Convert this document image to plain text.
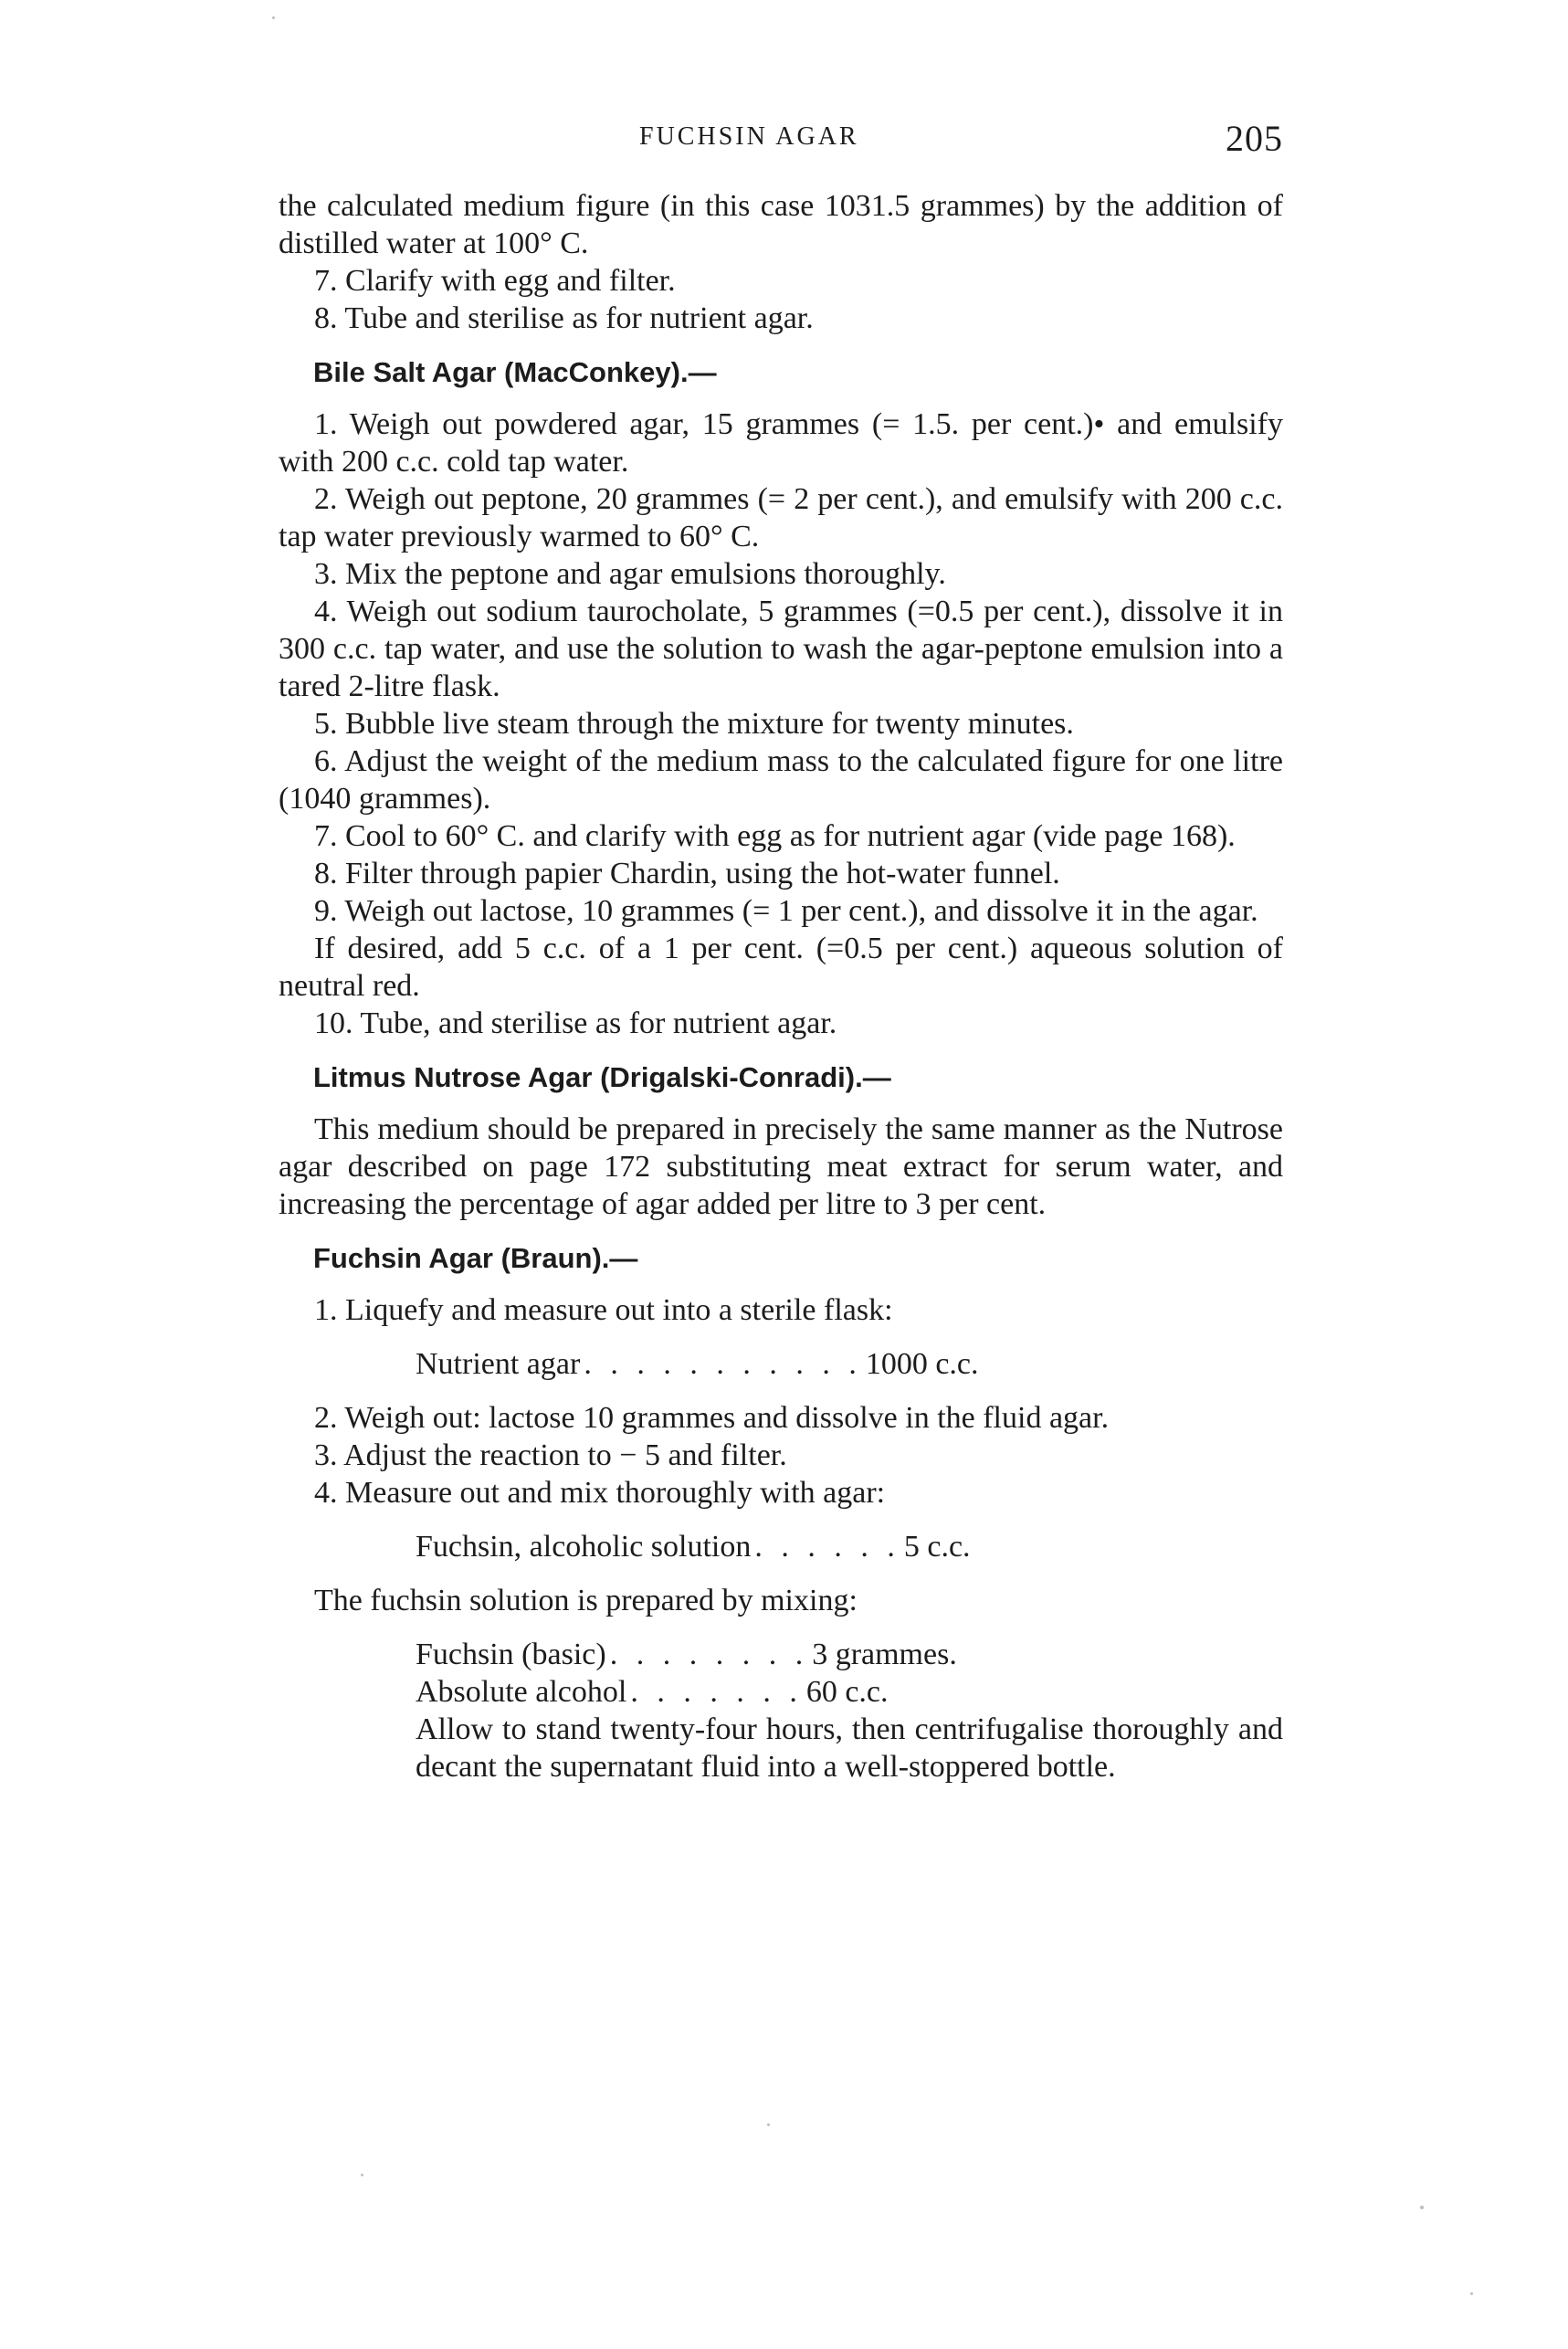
FUCHSIN AGAR	205

the calculated medium figure (in this case 1031.5 grammes) by the addition of distilled water at 100° C.

7. Clarify with egg and filter.

8. Tube and sterilise as for nutrient agar.

Bile Salt Agar (MacConkey).—

1. Weigh out powdered agar, 15 grammes (= 1.5. per cent.)• and emulsify with 200 c.c. cold tap water.

2. Weigh out peptone, 20 grammes (= 2 per cent.), and emulsify with 200 c.c. tap water previously warmed to 60° C.

3. Mix the peptone and agar emulsions thoroughly.

4. Weigh out sodium taurocholate, 5 grammes (=0.5 per cent.), dissolve it in 300 c.c. tap water, and use the solution to wash the agar-peptone emulsion into a tared 2-litre flask.

5. Bubble live steam through the mixture for twenty minutes.

6. Adjust the weight of the medium mass to the calculated figure for one litre (1040 grammes).

7. Cool to 60° C. and clarify with egg as for nutrient agar (vide page 168).

8. Filter through papier Chardin, using the hot-water funnel.

9. Weigh out lactose, 10 grammes (= 1 per cent.), and dissolve it in the agar.

If desired, add 5 c.c. of a 1 per cent. (=0.5 per cent.) aqueous solution of neutral red.

10. Tube, and sterilise as for nutrient agar.

Litmus Nutrose Agar (Drigalski-Conradi).—

This medium should be prepared in precisely the same manner as the Nutrose agar described on page 172 substituting meat extract for serum water, and increasing the percentage of agar added per litre to 3 per cent.

Fuchsin Agar (Braun).—

1. Liquefy and measure out into a sterile flask:

Nutrient agar . . . . . . . . . . . 1000 c.c.

2. Weigh out: lactose 10 grammes and dissolve in the fluid agar.

3. Adjust the reaction to − 5 and filter.

4. Measure out and mix thoroughly with agar:

Fuchsin, alcoholic solution . . . . . . 5 c.c.

The fuchsin solution is prepared by mixing:

Fuchsin (basic) . . . . . . . . 3 grammes.

Absolute alcohol . . . . . . . 60 c.c.

Allow to stand twenty-four hours, then centrifugalise thoroughly and decant the supernatant fluid into a well-stoppered bottle.
